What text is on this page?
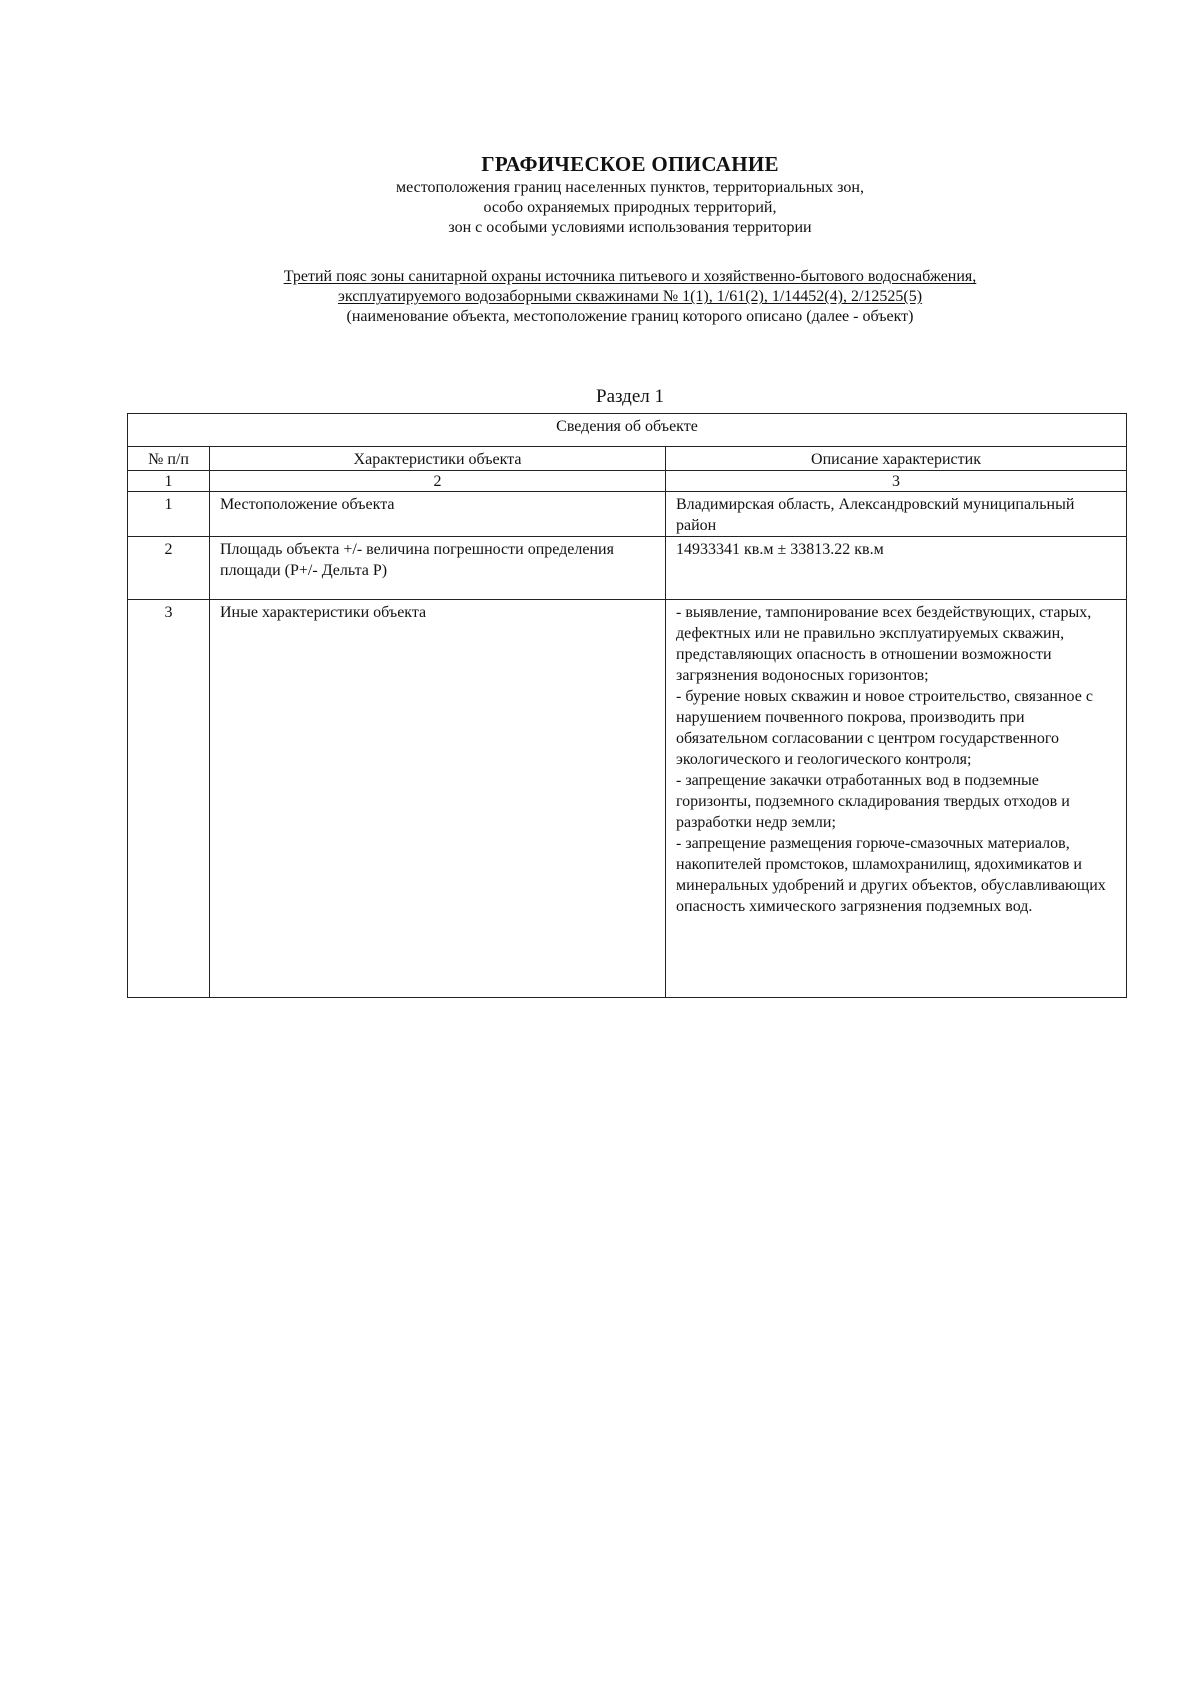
ГРАФИЧЕСКОЕ ОПИСАНИЕ
местоположения границ населенных пунктов, территориальных зон,
особо охраняемых природных территорий,
зон с особыми условиями использования территории
Третий пояс зоны санитарной охраны источника питьевого и хозяйственно-бытового водоснабжения,
эксплуатируемого водозаборными скважинами № 1(1), 1/61(2), 1/14452(4), 2/12525(5)
(наименование объекта, местоположение границ которого описано (далее - объект)
Раздел 1
Сведения об объекте		
№ п/п	Характеристики объекта	Описание характеристик
1	2	3
1	Местоположение объекта	Владимирская область, Александровский муниципальный район

2	Площадь объекта +/- величина погрешности определения площади (Р+/- Дельта Р)	14933341 кв.м ± 33813.22 кв.м

3	Иные характеристики объекта	- выявление, тампонирование всех бездействующих, старых, дефектных или не правильно эксплуатируемых скважин, представляющих опасность в отношении возможности загрязнения водоносных горизонтов;
- бурение новых скважин и новое строительство, связанное с нарушением почвенного покрова, производить при обязательном согласовании с центром государственного экологического и геологического контроля;
- запрещение закачки отработанных вод в подземные горизонты, подземного складирования твердых отходов и разработки недр земли;
- запрещение размещения горюче-смазочных материалов, накопителей промстоков, шламохранилищ, ядохимикатов и минеральных удобрений и других объектов, обуславливающих опасность химического загрязнения подземных вод.
